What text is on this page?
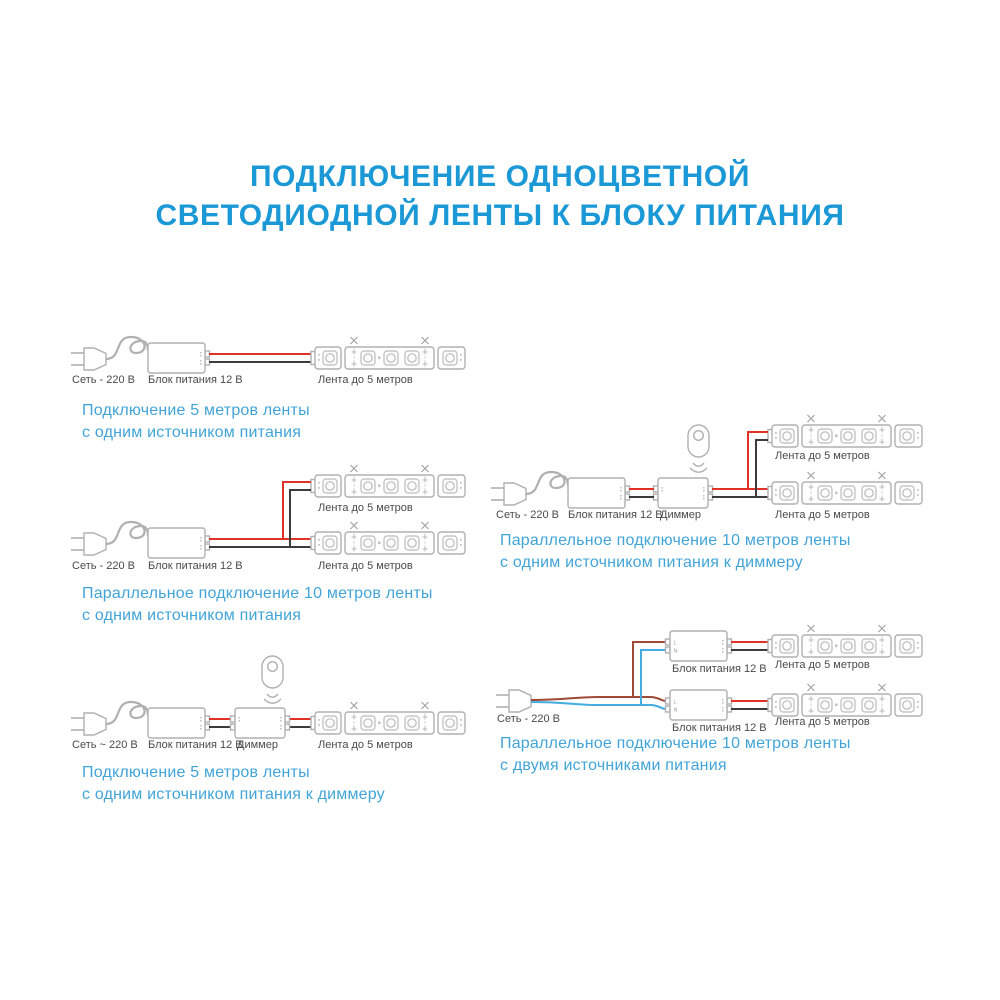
ПОДКЛЮЧЕНИЕ ОДНОЦВЕТНОЙ
СВЕТОДИОДНОЙ ЛЕНТЫ К БЛОКУ ПИТАНИЯ
Сеть - 220 В Блок питания 12 В	Лента до 5 метров
Лента до 5 метров
Сеть - 220 В Блок питания 12 В	Лента до 5 метров
Сеть ~ 220 В Блок питания 12 В
Диммер	Лента до 5 метров
Лента до 5 метров
Сеть - 220 В Блок питания 12 В
Диммер	Лента до 5 метров
L
N
L
N
Сеть - 220 В
Блок питания 12 В Лента до 5 метров
Блок питания 12 В Лента до 5 метров
Подключение 5 метров ленты
с одним источником питания
Параллельное подключение 10 метров ленты
с одним источником питания
Подключение 5 метров ленты
с одним источником питания к диммеру
Параллельное подключение 10 метров ленты
с одним источником питания к диммеру
Параллельное подключение 10 метров ленты
с двумя источниками питания
